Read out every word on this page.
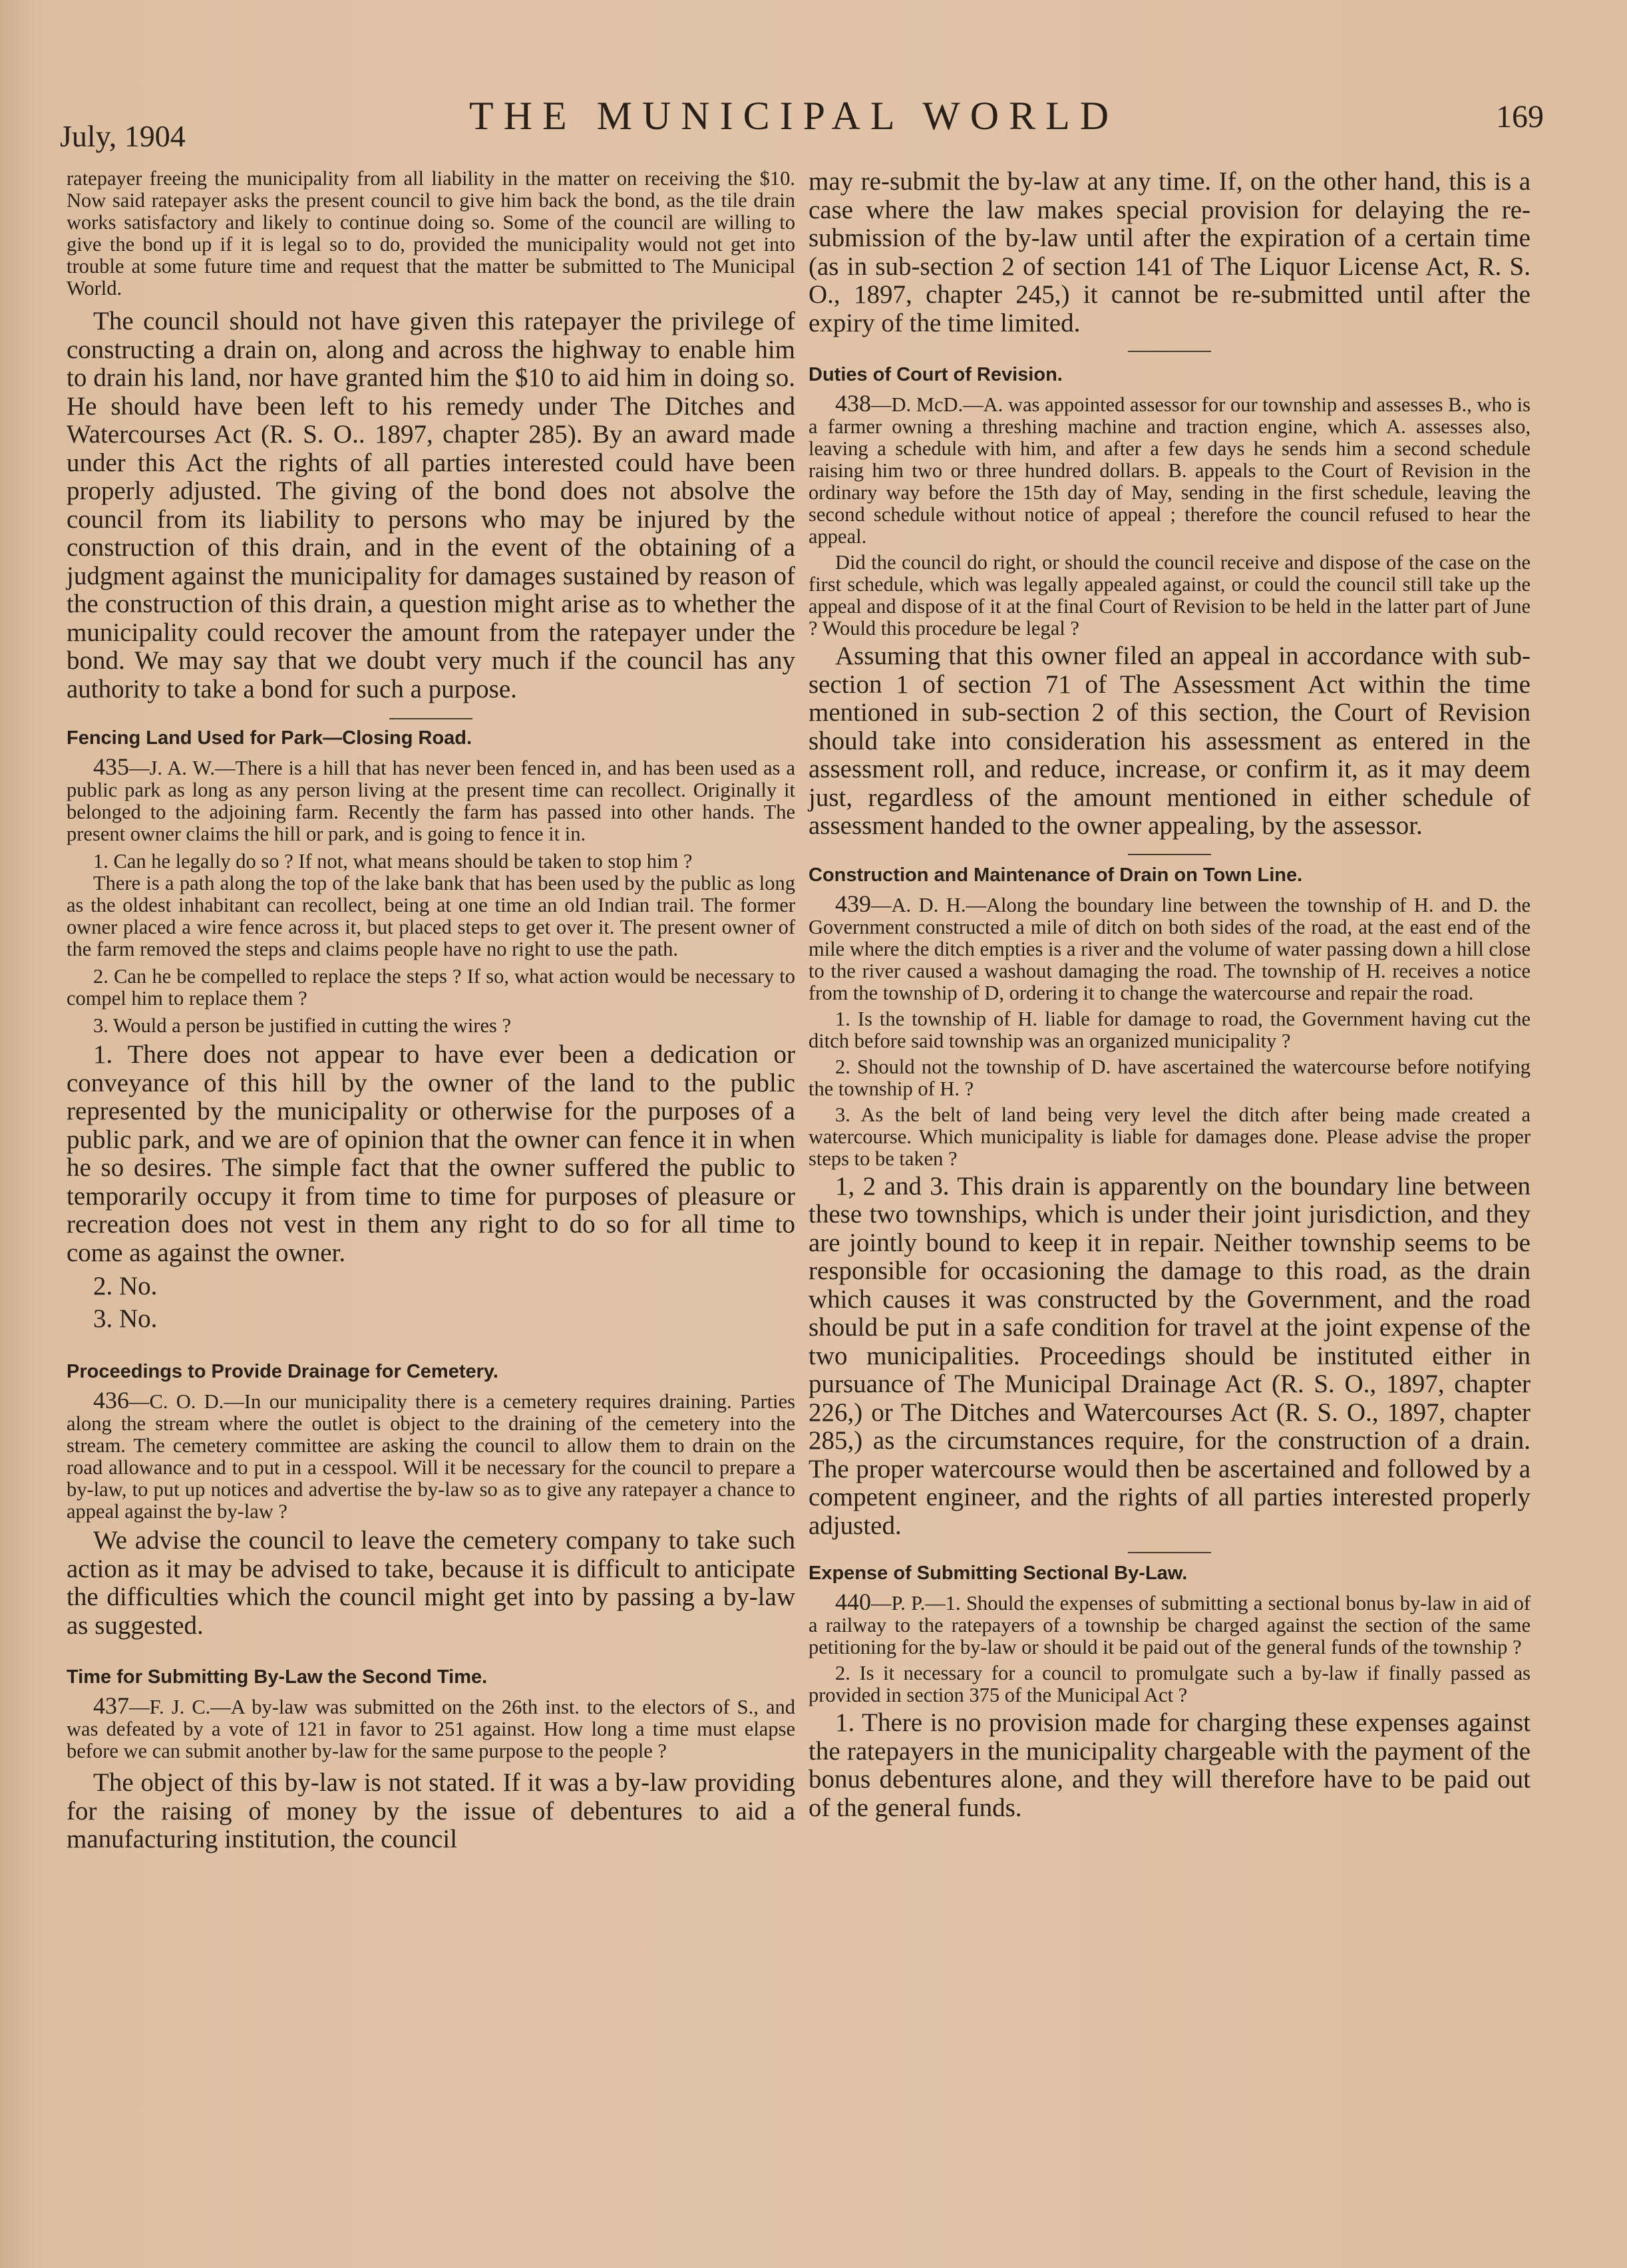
July, 1904	THE MUNICIPAL WORLD	169

ratepayer freeing the municipality from all liability in the matter on receiving the $10. Now said ratepayer asks the present council to give him back the bond, as the tile drain works satisfactory and likely to continue doing so. Some of the council are willing to give the bond up if it is legal so to do, provided the municipality would not get into trouble at some future time and request that the matter be submitted to The Municipal World.

The council should not have given this ratepayer the privilege of constructing a drain on, along and across the highway to enable him to drain his land, nor have granted him the $10 to aid him in doing so. He should have been left to his remedy under The Ditches and Watercourses Act (R. S. O.. 1897, chapter 285). By an award made under this Act the rights of all parties interested could have been properly adjusted. The giving of the bond does not absolve the council from its liability to persons who may be injured by the construction of this drain, and in the event of the obtaining of a judgment against the municipality for damages sustained by reason of the construction of this drain, a question might arise as to whether the municipality could recover the amount from the ratepayer under the bond. We may say that we doubt very much if the council has any authority to take a bond for such a purpose.

Fencing Land Used for Park—Closing Road.

435—J. A. W.—There is a hill that has never been fenced in, and has been used as a public park as long as any person living at the present time can recollect. Originally it belonged to the adjoining farm. Recently the farm has passed into other hands. The present owner claims the hill or park, and is going to fence it in.

1. Can he legally do so ? If not, what means should be taken to stop him ?

There is a path along the top of the lake bank that has been used by the public as long as the oldest inhabitant can recollect, being at one time an old Indian trail. The former owner placed a wire fence across it, but placed steps to get over it. The present owner of the farm removed the steps and claims people have no right to use the path.

2. Can he be compelled to replace the steps ? If so, what action would be necessary to compel him to replace them ?

3. Would a person be justified in cutting the wires ?

1. There does not appear to have ever been a dedication or conveyance of this hill by the owner of the land to the public represented by the municipality or otherwise for the purposes of a public park, and we are of opinion that the owner can fence it in when he so desires. The simple fact that the owner suffered the public to temporarily occupy it from time to time for purposes of pleasure or recreation does not vest in them any right to do so for all time to come as against the owner.

2. No.

3. No.

Proceedings to Provide Drainage for Cemetery.

436—C. O. D.—In our municipality there is a cemetery requires draining. Parties along the stream where the outlet is object to the draining of the cemetery into the stream. The cemetery committee are asking the council to allow them to drain on the road allowance and to put in a cesspool. Will it be necessary for the council to prepare a by-law, to put up notices and advertise the by-law so as to give any ratepayer a chance to appeal against the by-law ?

We advise the council to leave the cemetery company to take such action as it may be advised to take, because it is difficult to anticipate the difficulties which the council might get into by passing a by-law as suggested.

Time for Submitting By-Law the Second Time.

437—F. J. C.—A by-law was submitted on the 26th inst. to the electors of S., and was defeated by a vote of 121 in favor to 251 against. How long a time must elapse before we can submit another by-law for the same purpose to the people ?

The object of this by-law is not stated. If it was a by-law providing for the raising of money by the issue of debentures to aid a manufacturing institution, the council

may re-submit the by-law at any time. If, on the other hand, this is a case where the law makes special provision for delaying the re-submission of the by-law until after the expiration of a certain time (as in sub-section 2 of section 141 of The Liquor License Act, R. S. O., 1897, chapter 245,) it cannot be re-submitted until after the expiry of the time limited.

Duties of Court of Revision.

438—D. McD.—A. was appointed assessor for our township and assesses B., who is a farmer owning a threshing machine and traction engine, which A. assesses also, leaving a schedule with him, and after a few days he sends him a second schedule raising him two or three hundred dollars. B. appeals to the Court of Revision in the ordinary way before the 15th day of May, sending in the first schedule, leaving the second schedule without notice of appeal ; therefore the council refused to hear the appeal.

Did the council do right, or should the council receive and dispose of the case on the first schedule, which was legally appealed against, or could the council still take up the appeal and dispose of it at the final Court of Revision to be held in the latter part of June ? Would this procedure be legal ?

Assuming that this owner filed an appeal in accordance with sub-section 1 of section 71 of The Assessment Act within the time mentioned in sub-section 2 of this section, the Court of Revision should take into consideration his assessment as entered in the assessment roll, and reduce, increase, or confirm it, as it may deem just, regardless of the amount mentioned in either schedule of assessment handed to the owner appealing, by the assessor.

Construction and Maintenance of Drain on Town Line.

439—A. D. H.—Along the boundary line between the township of H. and D. the Government constructed a mile of ditch on both sides of the road, at the east end of the mile where the ditch empties is a river and the volume of water passing down a hill close to the river caused a washout damaging the road. The township of H. receives a notice from the township of D, ordering it to change the watercourse and repair the road.

1. Is the township of H. liable for damage to road, the Government having cut the ditch before said township was an organized municipality ?

2. Should not the township of D. have ascertained the watercourse before notifying the township of H. ?

3. As the belt of land being very level the ditch after being made created a watercourse. Which municipality is liable for damages done. Please advise the proper steps to be taken ?

1, 2 and 3. This drain is apparently on the boundary line between these two townships, which is under their joint jurisdiction, and they are jointly bound to keep it in repair. Neither township seems to be responsible for occasioning the damage to this road, as the drain which causes it was constructed by the Government, and the road should be put in a safe condition for travel at the joint expense of the two municipalities. Proceedings should be instituted either in pursuance of The Municipal Drainage Act (R. S. O., 1897, chapter 226,) or The Ditches and Watercourses Act (R. S. O., 1897, chapter 285,) as the circumstances require, for the construction of a drain. The proper watercourse would then be ascertained and followed by a competent engineer, and the rights of all parties interested properly adjusted.

Expense of Submitting Sectional By-Law.

440—P. P.—1. Should the expenses of submitting a sectional bonus by-law in aid of a railway to the ratepayers of a township be charged against the section of the same petitioning for the by-law or should it be paid out of the general funds of the township ?

2. Is it necessary for a council to promulgate such a by-law if finally passed as provided in section 375 of the Municipal Act ?

1. There is no provision made for charging these expenses against the ratepayers in the municipality chargeable with the payment of the bonus debentures alone, and they will therefore have to be paid out of the general funds.
